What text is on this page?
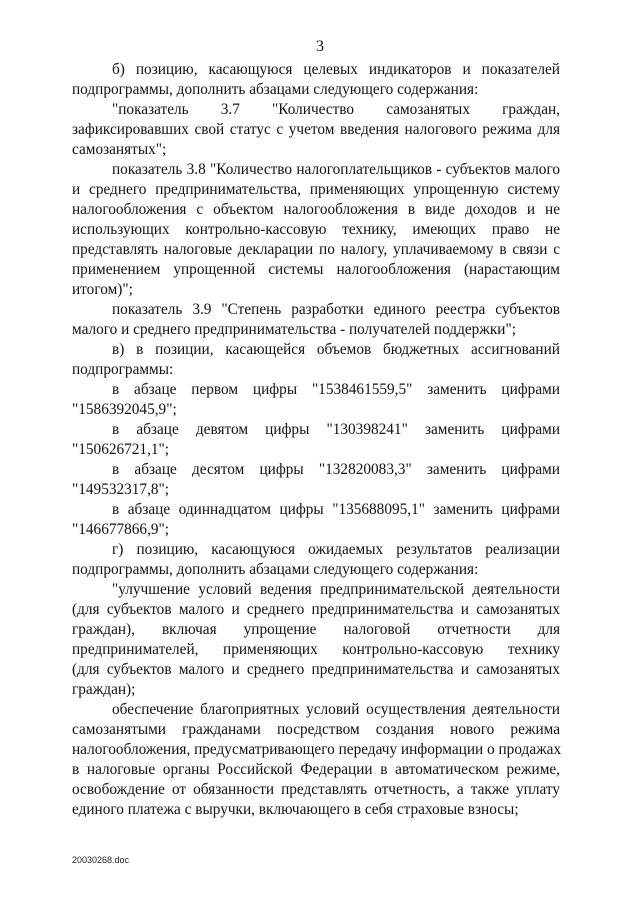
3
б) позицию, касающуюся целевых индикаторов и показателей
подпрограммы, дополнить абзацами следующего содержания:
"показатель 3.7 "Количество самозанятых граждан,
зафиксировавших свой статус с учетом введения налогового режима для
самозанятых";
показатель 3.8 "Количество налогоплательщиков - субъектов малого
и среднего предпринимательства, применяющих упрощенную систему
налогообложения с объектом налогообложения в виде доходов и не
использующих контрольно-кассовую технику, имеющих право не
представлять налоговые декларации по налогу, уплачиваемому в связи с
применением упрощенной системы налогообложения (нарастающим
итогом)";
показатель 3.9 "Степень разработки единого реестра субъектов
малого и среднего предпринимательства - получателей поддержки";
в) в позиции, касающейся объемов бюджетных ассигнований
подпрограммы:
в абзаце первом цифры "1538461559,5" заменить цифрами
"1586392045,9";
в абзаце девятом цифры "130398241" заменить цифрами
"150626721,1";
в абзаце десятом цифры "132820083,3" заменить цифрами
"149532317,8";
в абзаце одиннадцатом цифры "135688095,1" заменить цифрами
"146677866,9";
г) позицию, касающуюся ожидаемых результатов реализации
подпрограммы, дополнить абзацами следующего содержания:
"улучшение условий ведения предпринимательской деятельности
(для субъектов малого и среднего предпринимательства и самозанятых
граждан), включая упрощение налоговой отчетности для
предпринимателей, применяющих контрольно-кассовую технику
(для субъектов малого и среднего предпринимательства и самозанятых
граждан);
обеспечение благоприятных условий осуществления деятельности
самозанятыми гражданами посредством создания нового режима
налогообложения, предусматривающего передачу информации о продажах
в налоговые органы Российской Федерации в автоматическом режиме,
освобождение от обязанности представлять отчетность, а также уплату
единого платежа с выручки, включающего в себя страховые взносы;
20030268.doc
